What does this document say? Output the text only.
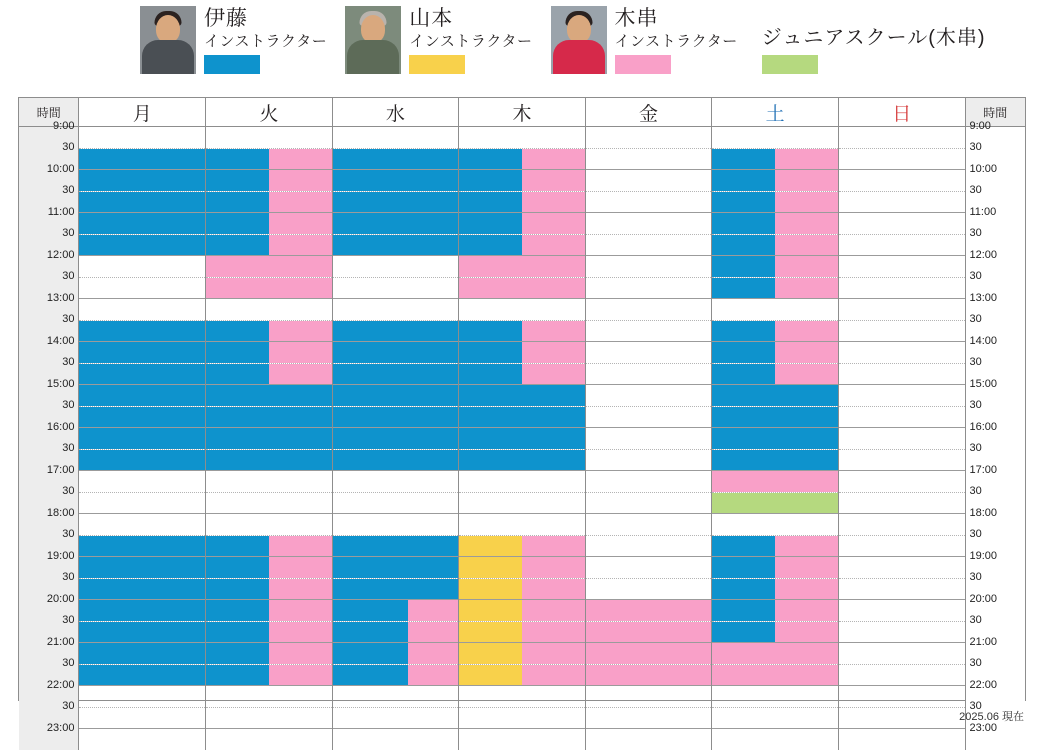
伊藤
インストラクター
山本
インストラクター
木串
インストラクター ジュニアスクール(木串)
時間	月	火	水	木	金	土	日	時間

9:00								9:00

30								30

10:00								10:00

30								30

11:00								11:00

30								30

12:00								12:00

30								30

13:00								13:00

30								30

14:00								14:00

30								30

15:00								15:00

30								30

16:00								16:00

30								30

17:00								17:00

30								30

18:00								18:00

30								30

19:00								19:00

30								30

20:00								20:00

30								30

21:00								21:00

30								30

22:00								22:00

30								30

23:00								23:00
2025.06 現在
